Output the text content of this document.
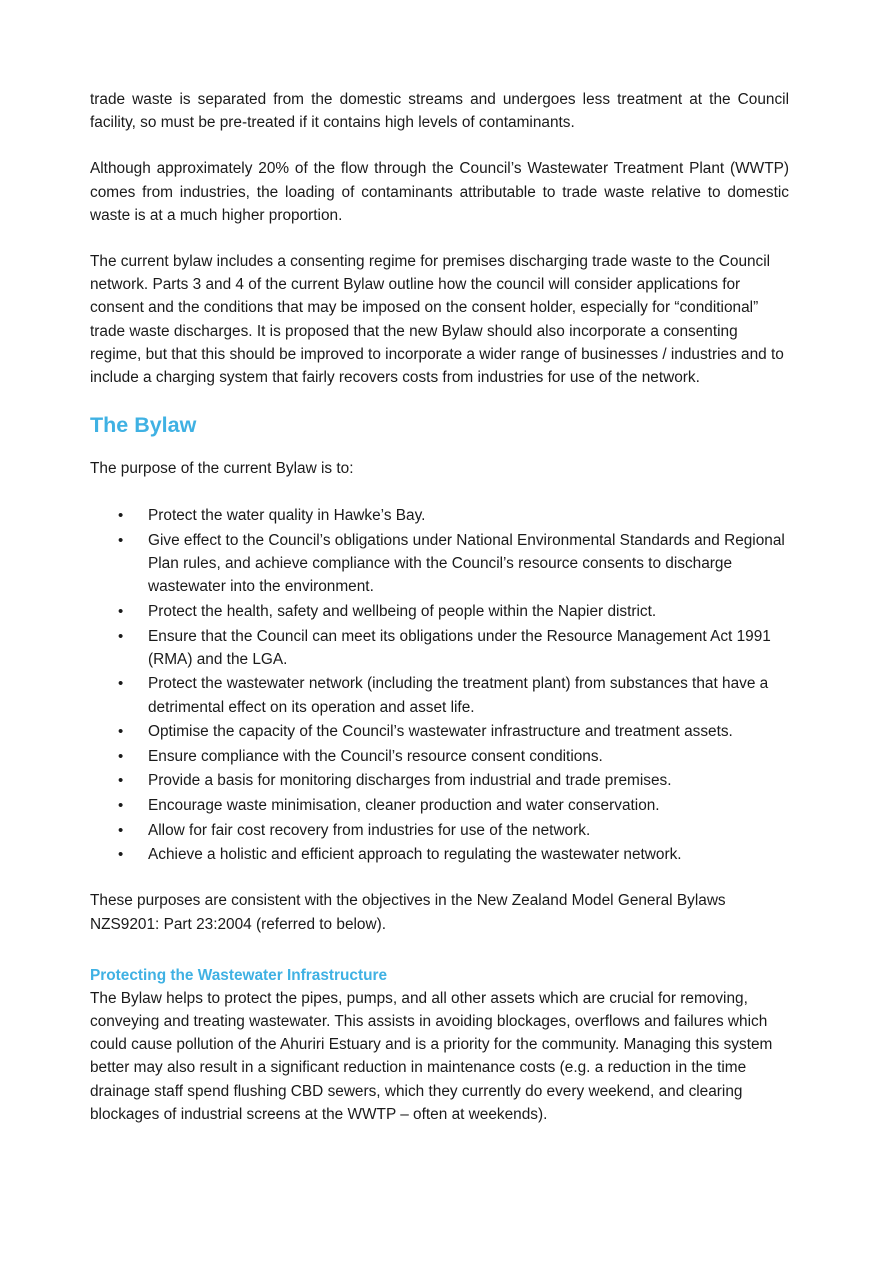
trade waste is separated from the domestic streams and undergoes less treatment at the Council facility, so must be pre-treated if it contains high levels of contaminants.

Although approximately 20% of the flow through the Council’s Wastewater Treatment Plant (WWTP) comes from industries, the loading of contaminants attributable to trade waste relative to domestic waste is at a much higher proportion.

The current bylaw includes a consenting regime for premises discharging trade waste to the Council network. Parts 3 and 4 of the current Bylaw outline how the council will consider applications for consent and the conditions that may be imposed on the consent holder, especially for “conditional” trade waste discharges. It is proposed that the new Bylaw should also incorporate a consenting regime, but that this should be improved to incorporate a wider range of businesses / industries and to include a charging system that fairly recovers costs from industries for use of the network.

The Bylaw

The purpose of the current Bylaw is to:

• Protect the water quality in Hawke’s Bay.
• Give effect to the Council’s obligations under National Environmental Standards and Regional Plan rules, and achieve compliance with the Council’s resource consents to discharge wastewater into the environment.
• Protect the health, safety and wellbeing of people within the Napier district.
• Ensure that the Council can meet its obligations under the Resource Management Act 1991 (RMA) and the LGA.
• Protect the wastewater network (including the treatment plant) from substances that have a detrimental effect on its operation and asset life.
• Optimise the capacity of the Council’s wastewater infrastructure and treatment assets.
• Ensure compliance with the Council’s resource consent conditions.
• Provide a basis for monitoring discharges from industrial and trade premises.
• Encourage waste minimisation, cleaner production and water conservation.
• Allow for fair cost recovery from industries for use of the network.
• Achieve a holistic and efficient approach to regulating the wastewater network.

These purposes are consistent with the objectives in the New Zealand Model General Bylaws NZS9201: Part 23:2004 (referred to below).

Protecting the Wastewater Infrastructure

The Bylaw helps to protect the pipes, pumps, and all other assets which are crucial for removing, conveying and treating wastewater. This assists in avoiding blockages, overflows and failures which could cause pollution of the Ahuriri Estuary and is a priority for the community. Managing this system better may also result in a significant reduction in maintenance costs (e.g. a reduction in the time drainage staff spend flushing CBD sewers, which they currently do every weekend, and clearing blockages of industrial screens at the WWTP – often at weekends).
